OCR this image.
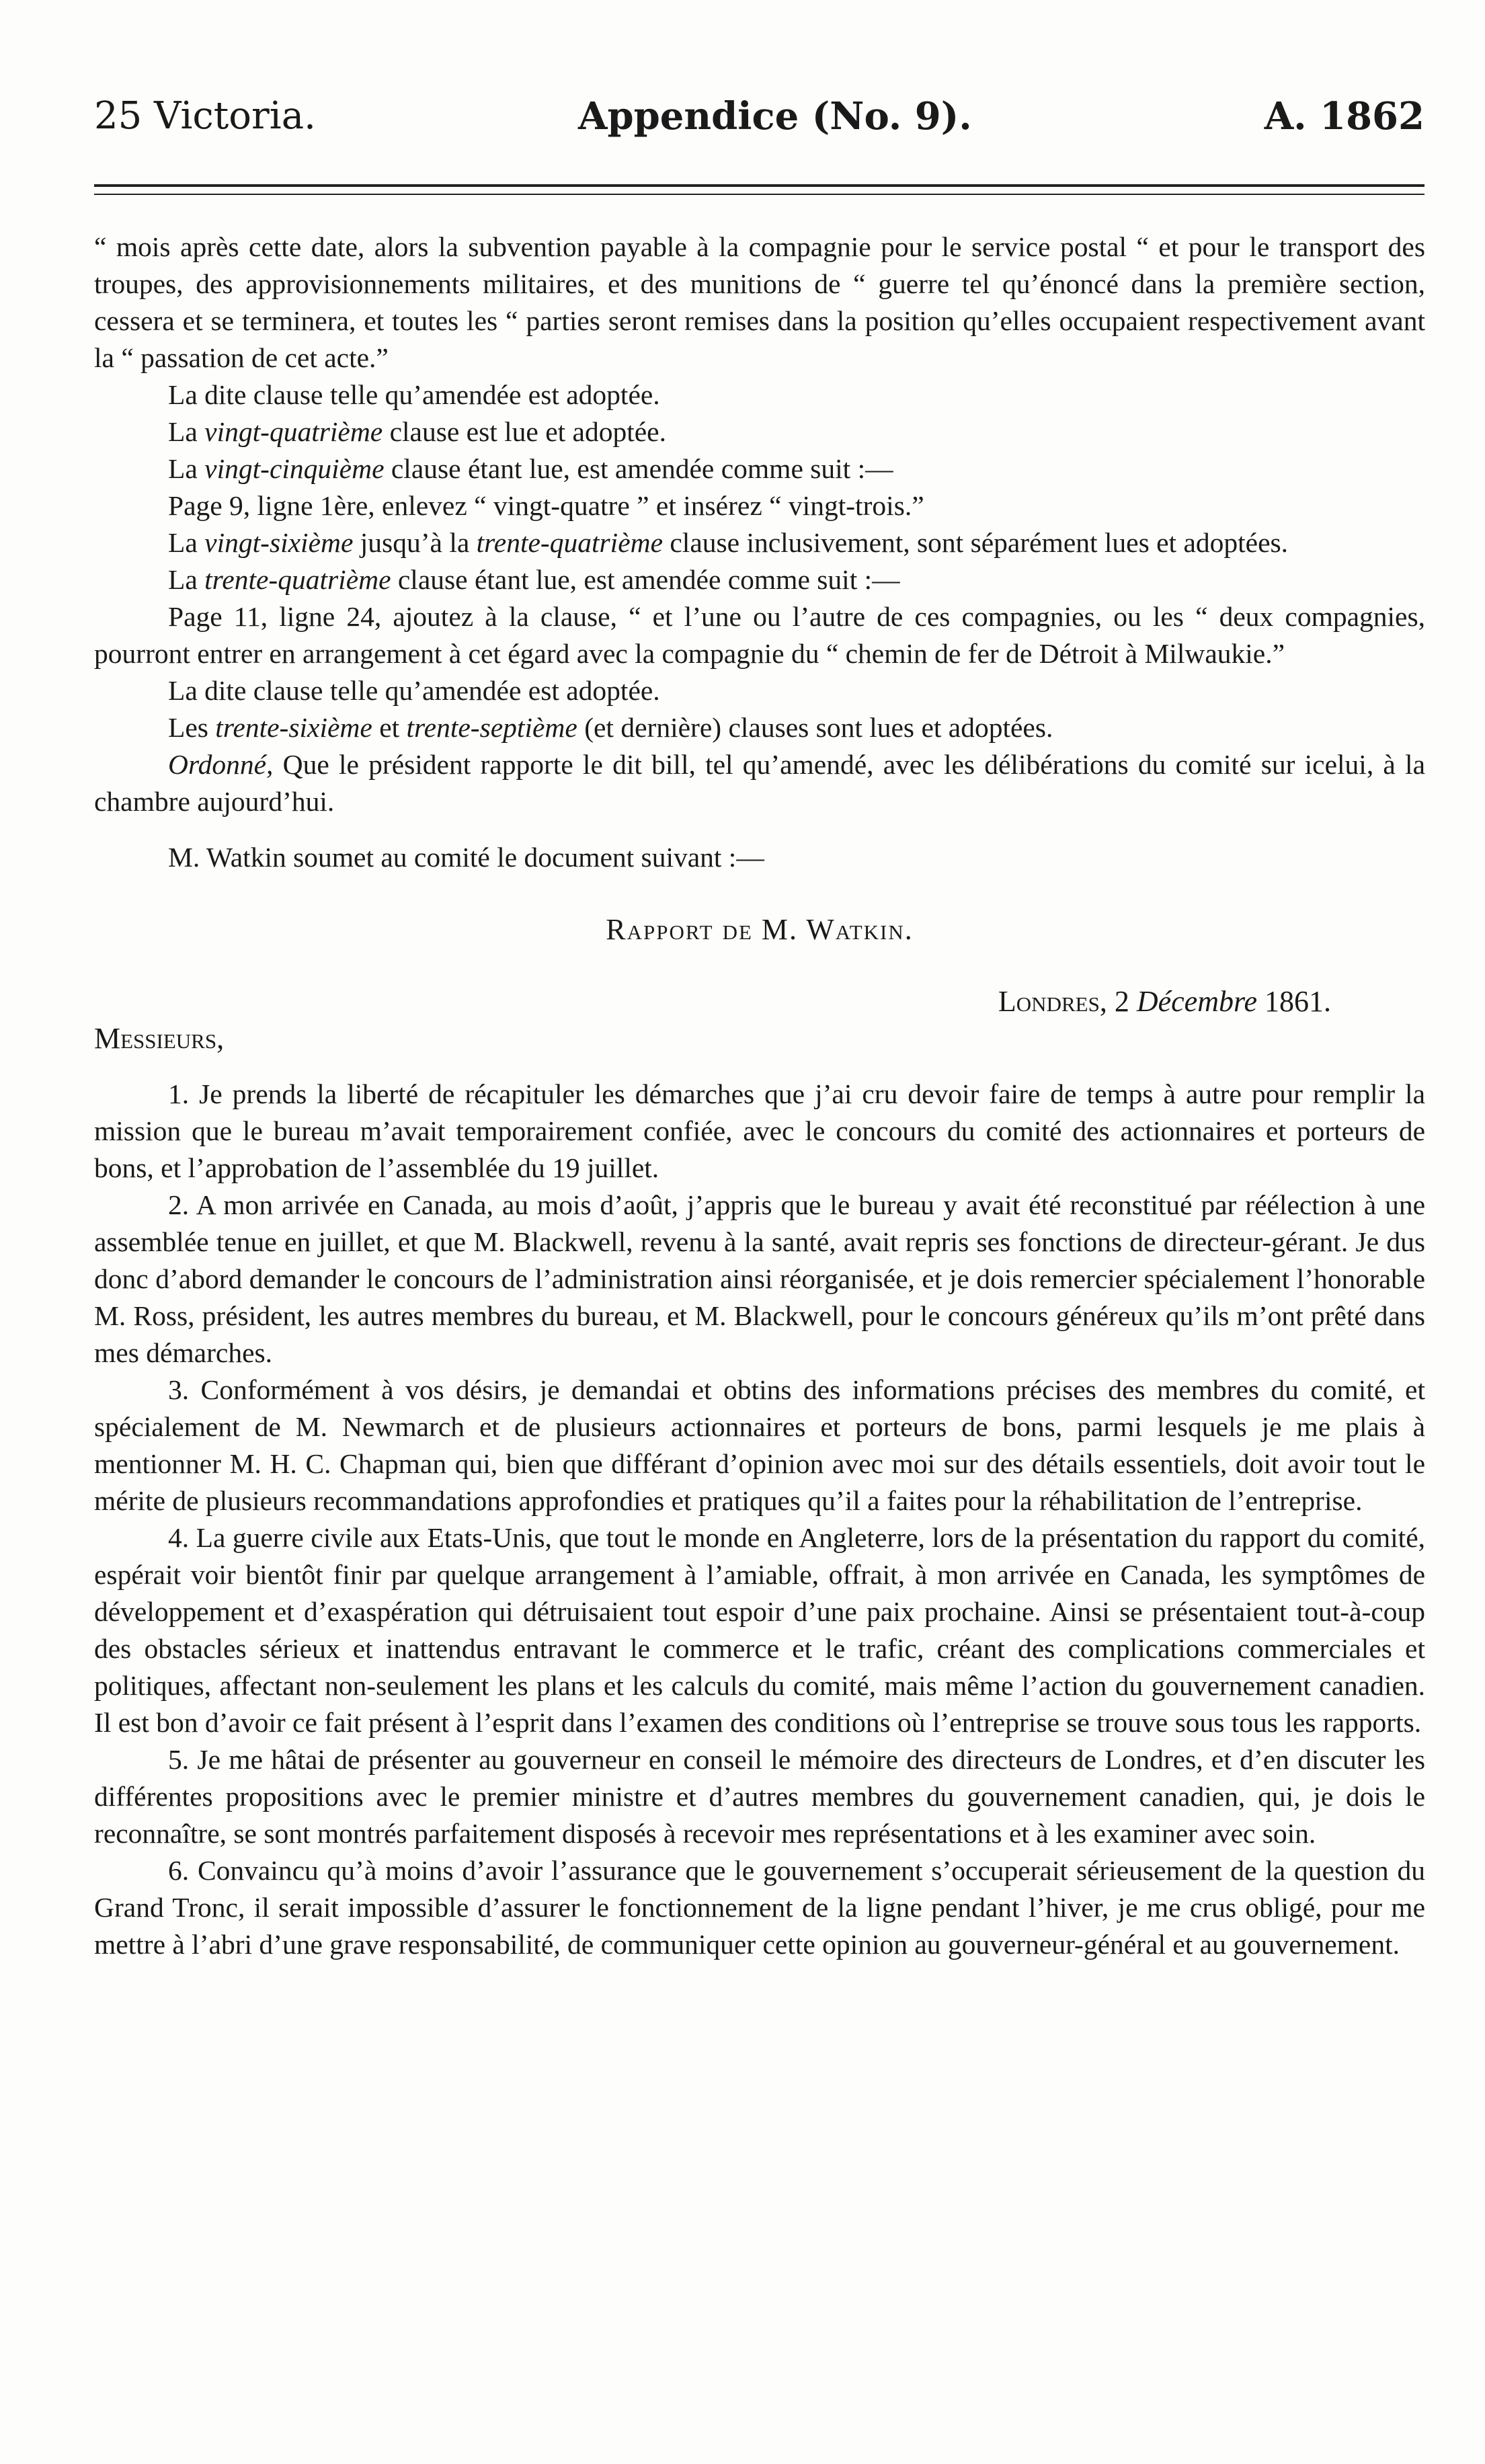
25 Victoria.	Appendice (No. 9).	A. 1862

“ mois après cette date, alors la subvention payable à la compagnie pour le service postal “ et pour le transport des troupes, des approvisionnements militaires, et des munitions de “ guerre tel qu’énoncé dans la première section, cessera et se terminera, et toutes les “ parties seront remises dans la position qu’elles occupaient respectivement avant la “ passation de cet acte.”

La dite clause telle qu’amendée est adoptée.

La vingt-quatrième clause est lue et adoptée.

La vingt-cinquième clause étant lue, est amendée comme suit :—

Page 9, ligne 1ère, enlevez “ vingt-quatre ” et insérez “ vingt-trois.”

La vingt-sixième jusqu’à la trente-quatrième clause inclusivement, sont séparément lues et adoptées.

La trente-quatrième clause étant lue, est amendée comme suit :—

Page 11, ligne 24, ajoutez à la clause, “ et l’une ou l’autre de ces compagnies, ou les “ deux compagnies, pourront entrer en arrangement à cet égard avec la compagnie du “ chemin de fer de Détroit à Milwaukie.”

La dite clause telle qu’amendée est adoptée.

Les trente-sixième et trente-septième (et dernière) clauses sont lues et adoptées.

Ordonné, Que le président rapporte le dit bill, tel qu’amendé, avec les délibérations du comité sur icelui, à la chambre aujourd’hui.

M. Watkin soumet au comité le document suivant :—

Rapport de M. Watkin.

Londres, 2 Décembre 1861.

Messieurs,

1. Je prends la liberté de récapituler les démarches que j’ai cru devoir faire de temps à autre pour remplir la mission que le bureau m’avait temporairement confiée, avec le concours du comité des actionnaires et porteurs de bons, et l’approbation de l’assemblée du 19 juillet.

2. A mon arrivée en Canada, au mois d’août, j’appris que le bureau y avait été reconstitué par réélection à une assemblée tenue en juillet, et que M. Blackwell, revenu à la santé, avait repris ses fonctions de directeur-gérant. Je dus donc d’abord demander le concours de l’administration ainsi réorganisée, et je dois remercier spécialement l’honorable M. Ross, président, les autres membres du bureau, et M. Blackwell, pour le concours généreux qu’ils m’ont prêté dans mes démarches.

3. Conformément à vos désirs, je demandai et obtins des informations précises des membres du comité, et spécialement de M. Newmarch et de plusieurs actionnaires et porteurs de bons, parmi lesquels je me plais à mentionner M. H. C. Chapman qui, bien que différant d’opinion avec moi sur des détails essentiels, doit avoir tout le mérite de plusieurs recommandations approfondies et pratiques qu’il a faites pour la réhabilitation de l’entreprise.

4. La guerre civile aux Etats-Unis, que tout le monde en Angleterre, lors de la présentation du rapport du comité, espérait voir bientôt finir par quelque arrangement à l’amiable, offrait, à mon arrivée en Canada, les symptômes de développement et d’exaspération qui détruisaient tout espoir d’une paix prochaine. Ainsi se présentaient tout-à-coup des obstacles sérieux et inattendus entravant le commerce et le trafic, créant des complications commerciales et politiques, affectant non-seulement les plans et les calculs du comité, mais même l’action du gouvernement canadien. Il est bon d’avoir ce fait présent à l’esprit dans l’examen des conditions où l’entreprise se trouve sous tous les rapports.

5. Je me hâtai de présenter au gouverneur en conseil le mémoire des directeurs de Londres, et d’en discuter les différentes propositions avec le premier ministre et d’autres membres du gouvernement canadien, qui, je dois le reconnaître, se sont montrés parfaitement disposés à recevoir mes représentations et à les examiner avec soin.

6. Convaincu qu’à moins d’avoir l’assurance que le gouvernement s’occuperait sérieusement de la question du Grand Tronc, il serait impossible d’assurer le fonctionnement de la ligne pendant l’hiver, je me crus obligé, pour me mettre à l’abri d’une grave responsabilité, de communiquer cette opinion au gouverneur-général et au gouvernement.
